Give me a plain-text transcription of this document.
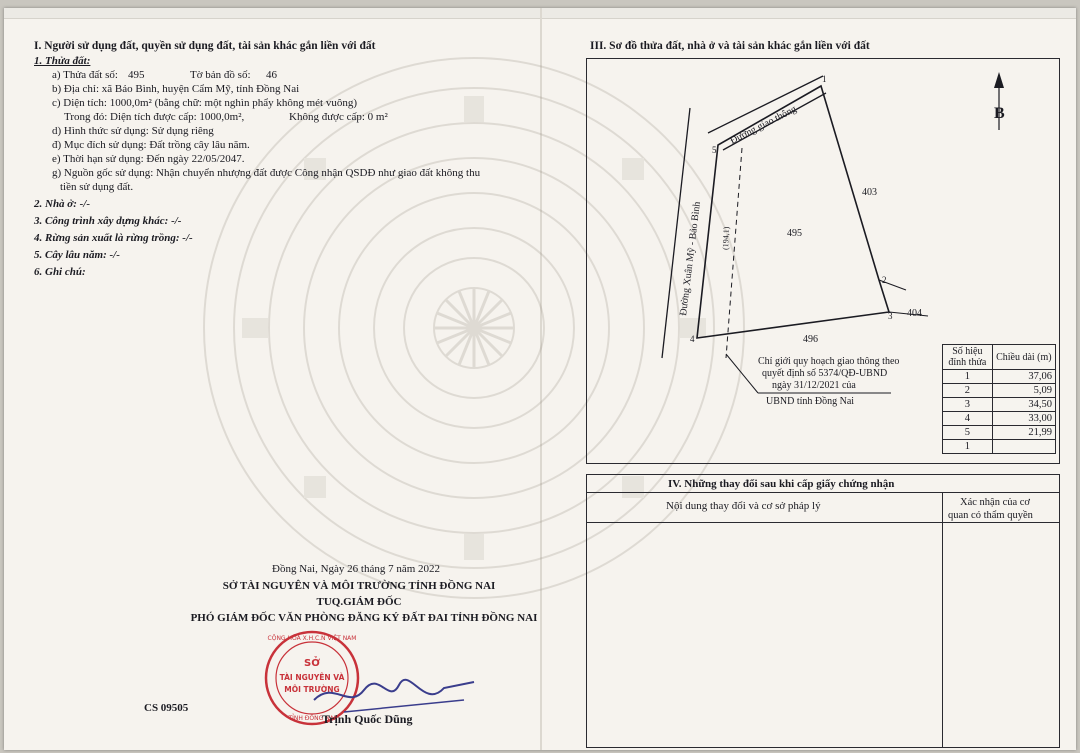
I. Người sử dụng đất, quyền sử dụng đất, tài sản khác gắn liền với đất
1. Thửa đất:
a) Thửa đất số: 495	Tờ bản đồ số: 46
b) Địa chỉ: xã Bảo Bình, huyện Cẩm Mỹ, tỉnh Đồng Nai
c) Diện tích: 1000,0m² (bằng chữ: một nghìn phẩy không mét vuông)
Trong đó: Diện tích được cấp: 1000,0m²,	Không được cấp: 0 m²
d) Hình thức sử dụng: Sử dụng riêng
đ) Mục đích sử dụng: Đất trồng cây lâu năm.
e) Thời hạn sử dụng: Đến ngày 22/05/2047.
g) Nguồn gốc sử dụng: Nhận chuyển nhượng đất được Công nhận QSDĐ như giao đất không thu
tiền sử dụng đất.
2. Nhà ở: -/-
3. Công trình xây dựng khác: -/-
4. Rừng sản xuất là rừng trồng: -/-
5. Cây lâu năm: -/-
6. Ghi chú:
Đồng Nai, Ngày 26 tháng 7 năm 2022
SỞ TÀI NGUYÊN VÀ MÔI TRƯỜNG TỈNH ĐỒNG NAI
TUQ.GIÁM ĐỐC
PHÓ GIÁM ĐỐC VĂN PHÒNG ĐĂNG KÝ ĐẤT ĐAI TỈNH ĐỒNG NAI
CỘNG HÒA X.H.C.N VIỆT NAM
SỞ
TÀI NGUYÊN VÀ
MÔI TRƯỜNG
TỈNH ĐỒNG NAI
CS 09505
Trịnh Quốc Dũng
III. Sơ đồ thửa đất, nhà ở và tài sản khác gắn liền với đất
B
Đường giao thông
Đường Xuân Mỹ - Bảo Bình (194,1)	495
403
404
496
1
2
3
4
5
Chỉ giới quy hoạch giao thông theo
quyết định số 5374/QĐ-UBND
ngày 31/12/2021 của
UBND tỉnh Đồng Nai
Số hiệu đỉnh thửa	Chiều dài (m)
1	37,06
2	5,09
3	34,50
4	33,00
5	21,99
1	
IV. Những thay đổi sau khi cấp giấy chứng nhận
Nội dung thay đổi và cơ sở pháp lý	Xác nhận của cơ
quan có thẩm quyền
